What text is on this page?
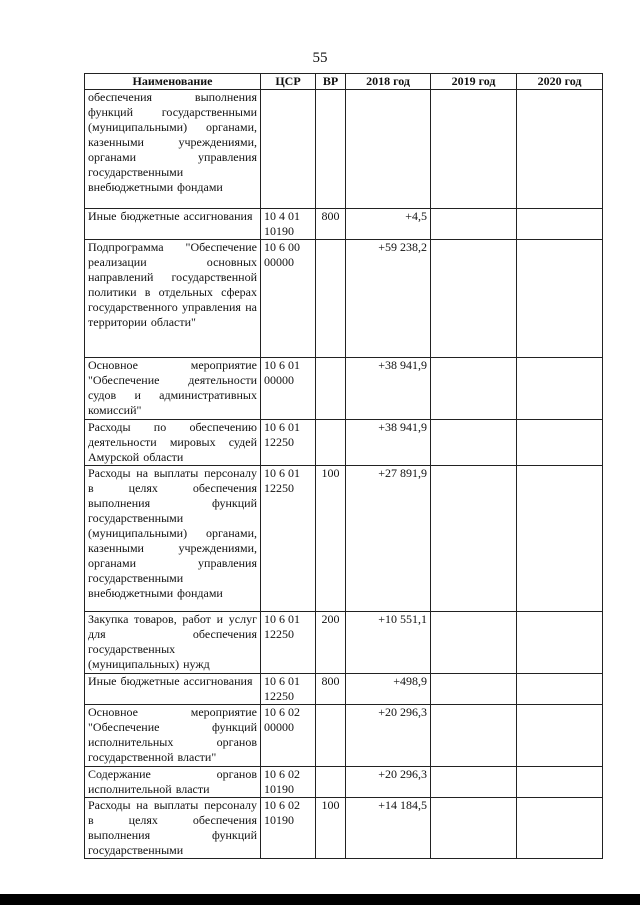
55
Наименование	ЦСР	ВР	2018 год	2019 год	2020 год
обеспечения выполнения функций государственными (муниципальными) органами, казенными учреждениями, органами управления государственными внебюджетными фондами					
Иные бюджетные ассигнования	10 4 01 10190	800	+4,5		
Подпрограмма "Обеспечение реализации основных направлений государственной политики в отдельных сферах государственного управления на территории области"	10 6 00 00000		+59 238,2		
Основное мероприятие "Обеспечение деятельности судов и административных комиссий"	10 6 01 00000		+38 941,9		
Расходы по обеспечению деятельности мировых судей Амурской области	10 6 01 12250		+38 941,9		
Расходы на выплаты персоналу в целях обеспечения выполнения функций государственными (муниципальными) органами, казенными учреждениями, органами управления государственными внебюджетными фондами	10 6 01 12250	100	+27 891,9		
Закупка товаров, работ и услуг для обеспечения государственных (муниципальных) нужд	10 6 01 12250	200	+10 551,1		
Иные бюджетные ассигнования	10 6 01 12250	800	+498,9		
Основное мероприятие "Обеспечение функций исполнительных органов государственной власти"	10 6 02 00000		+20 296,3		
Содержание органов исполнительной власти	10 6 02 10190		+20 296,3		
Расходы на выплаты персоналу в целях обеспечения выполнения функций государственными	10 6 02 10190	100	+14 184,5		
